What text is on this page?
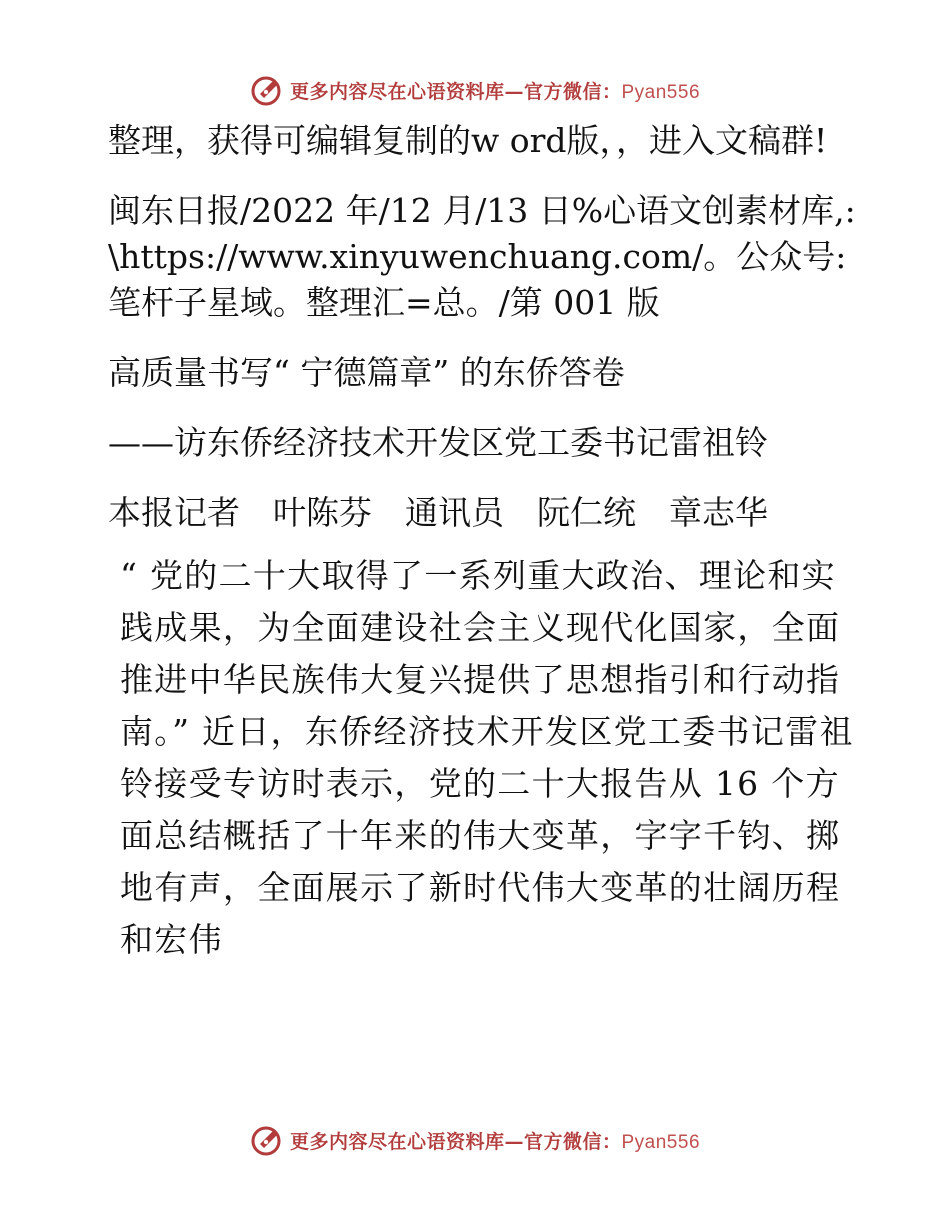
更多内容尽在心语资料库—官方微信：Pyan556

整理，获得可编辑复制的w ord版，，进入文稿群!

闽东日报/2022 年/12 月/13 日%心语文创素材库,: \https://www.xinyuwenchuang.com/。公众号: 笔杆子星域。整理汇=总。/第 001 版

高质量书写“ 宁德篇章” 的东侨答卷

——访东侨经济技术开发区党工委书记雷祖铃

本报记者　叶陈芬　通讯员　阮仁统　章志华

“ 党的二十大取得了一系列重大政治、理论和实践成果，为全面建设社会主义现代化国家，全面推进中华民族伟大复兴提供了思想指引和行动指南。” 近日，东侨经济技术开发区党工委书记雷祖铃接受专访时表示，党的二十大报告从 16 个方面总结概括了十年来的伟大变革，字字千钧、掷地有声，全面展示了新时代伟大变革的壮阔历程和宏伟

更多内容尽在心语资料库—官方微信：Pyan556
